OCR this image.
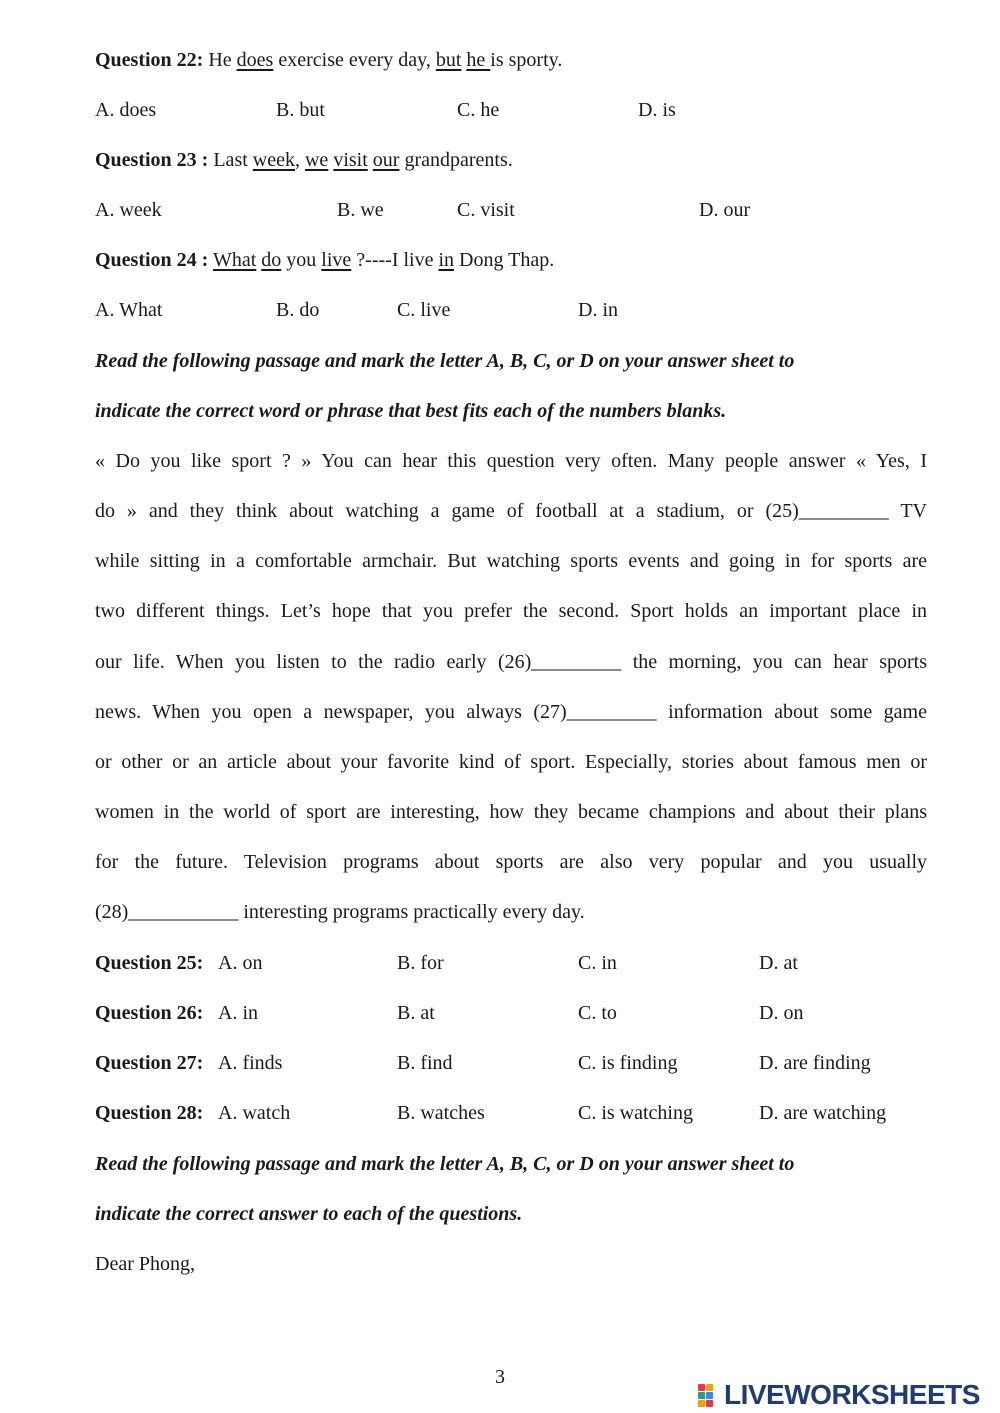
Question 22: He does exercise every day, but he is sporty.
A. does	B. but	C. he	D. is
Question 23 : Last week, we visit our grandparents.
A. week	B. we	C. visit	D. our
Question 24 : What do you live ?----I live in Dong Thap.
A. What	B. do	C. live	D. in
Read the following passage and mark the letter A, B, C, or D on your answer sheet to
indicate the correct word or phrase that best fits each of the numbers blanks.
« Do you like sport ? » You can hear this question very often. Many people answer « Yes, I
do » and they think about watching a game of football at a stadium, or (25)_________ TV
while sitting in a comfortable armchair. But watching sports events and going in for sports are
two different things. Let’s hope that you prefer the second. Sport holds an important place in
our life. When you listen to the radio early (26)_________ the morning, you can hear sports
news. When you open a newspaper, you always (27)_________ information about some game
or other or an article about your favorite kind of sport. Especially, stories about famous men or
women in the world of sport are interesting, how they became champions and about their plans
for the future. Television programs about sports are also very popular and you usually
(28)___________ interesting programs practically every day.
Question 25: A. on	B. for	C. in	D. at
Question 26: A. in	B. at	C. to	D. on
Question 27: A. finds	B. find	C. is finding	D. are finding
Question 28: A. watch	B. watches	C. is watching	D. are watching
Read the following passage and mark the letter A, B, C, or D on your answer sheet to
indicate the correct answer to each of the questions.
Dear Phong,
3
LIVEWORKSHEETS
